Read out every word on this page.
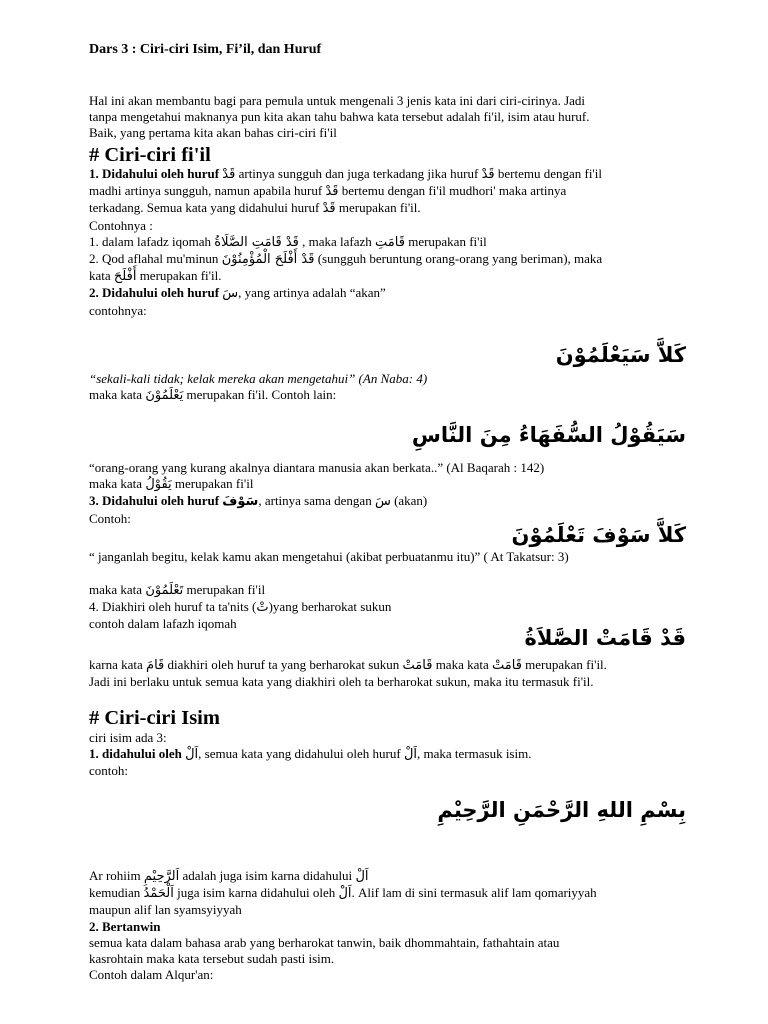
Dars 3 : Ciri-ciri Isim, Fi’il, dan Huruf

Hal ini akan membantu bagi para pemula untuk mengenali 3 jenis kata ini dari ciri-cirinya. Jadi

tanpa mengetahui maknanya pun kita akan tahu bahwa kata tersebut adalah fi'il, isim atau huruf.

Baik, yang pertama kita akan bahas ciri-ciri fi'il

# Ciri-ciri fi'il

1. Didahului oleh huruf قَدْ artinya sungguh dan juga terkadang jika huruf قَدْ bertemu dengan fi'il

madhi artinya sungguh, namun apabila huruf قَدْ bertemu dengan fi'il mudhori' maka artinya

terkadang. Semua kata yang didahului huruf قَدْ merupakan fi'il.

Contohnya :

1. dalam lafadz iqomah قَدْ قَامَتِ الصَّلَاةُ , maka lafazh قَامَتِ merupakan fi'il

2. Qod aflahal mu'minun قَدْ أَفْلَحَ الْمُؤْمِنُوْنَ (sungguh beruntung orang-orang yang beriman), maka

kata أَفْلَحَ merupakan fi'il.

2. Didahului oleh huruf سَ, yang artinya adalah “akan”

contohnya:

كَلاَّ سَيَعْلَمُوْنَ

“sekali-kali tidak; kelak mereka akan mengetahui” (An Naba: 4)

maka kata يَعْلَمُوْنَ merupakan fi'il. Contoh lain:

سَيَقُوْلُ السُّفَهَاءُ مِنَ النَّاسِ

“orang-orang yang kurang akalnya diantara manusia akan berkata..” (Al Baqarah : 142)

maka kata يَقُوْلُ merupakan fi'il

3. Didahului oleh huruf سَوْفَ, artinya sama dengan سَ (akan)

Contoh:

كَلاَّ سَوْفَ تَعْلَمُوْنَ
“ janganlah begitu, kelak kamu akan mengetahui (akibat perbuatanmu itu)” ( At Takatsur: 3)

maka kata تَعْلَمُوْنَ merupakan fi'il

4. Diakhiri oleh huruf ta ta'nits (تْ)yang berharokat sukun

contoh dalam lafazh iqomah

قَدْ قَامَتْ الصَّلاَةُ

karna kata قَامَ diakhiri oleh huruf ta yang berharokat sukun قَامَتْ maka kata قَامَتْ merupakan fi'il.

Jadi ini berlaku untuk semua kata yang diakhiri oleh ta berharokat sukun, maka itu termasuk fi'il.

# Ciri-ciri Isim

ciri isim ada 3:

1. didahului oleh اَلْ, semua kata yang didahului oleh huruf اَلْ, maka termasuk isim.

contoh:

بِسْمِ اللهِ الرَّحْمَنِ الرَّحِيْمِ

Ar rohiim اَلرَّحِيْمِ adalah juga isim karna didahului اَلْ

kemudian اَلْحَمْدُ juga isim karna didahului oleh اَلْ. Alif lam di sini termasuk alif lam qomariyyah

maupun alif lan syamsyiyyah

2. Bertanwin

semua kata dalam bahasa arab yang berharokat tanwin, baik dhommahtain, fathahtain atau

kasrohtain maka kata tersebut sudah pasti isim.

Contoh dalam Alqur'an:
